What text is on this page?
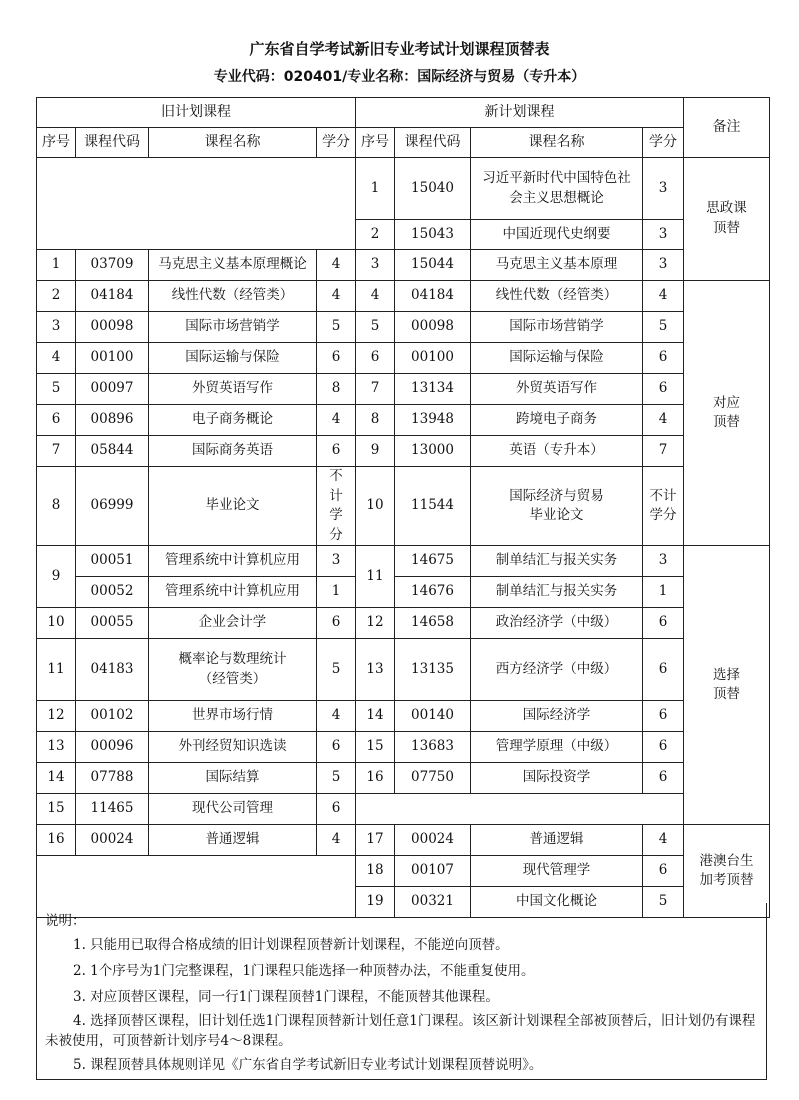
广东省自学考试新旧专业考试计划课程顶替表
专业代码：020401/专业名称：国际经济与贸易（专升本）
旧计划课程				新计划课程				备注
序号	课程代码	课程名称	学分	序号	课程代码	课程名称	学分	
				1	15040	习近平新时代中国特色社会主义思想概论	3	思政课顶替
				2	15043	中国近现代史纲要	3	
1	03709	马克思主义基本原理概论	4	3	15044	马克思主义基本原理	3	
2	04184	线性代数（经管类）	4	4	04184	线性代数（经管类）	4	对应顶替
3	00098	国际市场营销学	5	5	00098	国际市场营销学	5	
4	00100	国际运输与保险	6	6	00100	国际运输与保险	6	
5	00097	外贸英语写作	8	7	13134	外贸英语写作	6	
6	00896	电子商务概论	4	8	13948	跨境电子商务	4	
7	05844	国际商务英语	6	9	13000	英语（专升本）	7	
8	06999	毕业论文	不计学分	10	11544	国际经济与贸易毕业论文	不计学分	
9	00051	管理系统中计算机应用	3	11	14675	制单结汇与报关实务	3	选择顶替
	00052	管理系统中计算机应用	1		14676	制单结汇与报关实务	1	
10	00055	企业会计学	6	12	14658	政治经济学（中级）	6	
11	04183	概率论与数理统计（经管类）	5	13	13135	西方经济学（中级）	6	
12	00102	世界市场行情	4	14	00140	国际经济学	6	
13	00096	外刊经贸知识选读	6	15	13683	管理学原理（中级）	6	
14	07788	国际结算	5	16	07750	国际投资学	6	
15	11465	现代公司管理	6					
16	00024	普通逻辑	4	17	00024	普通逻辑	4	港澳台生加考顶替
				18	00107	现代管理学	6	
				19	00321	中国文化概论	5	
说明：
1. 只能用已取得合格成绩的旧计划课程顶替新计划课程，不能逆向顶替。
2. 1个序号为1门完整课程，1门课程只能选择一种顶替办法，不能重复使用。
3. 对应顶替区课程，同一行1门课程顶替1门课程，不能顶替其他课程。
4. 选择顶替区课程，旧计划任选1门课程顶替新计划任意1门课程。该区新计划课程全部被顶替后，旧计划仍有课程未被使用，可顶替新计划序号4～8课程。
5. 课程顶替具体规则详见《广东省自学考试新旧专业考试计划课程顶替说明》。
